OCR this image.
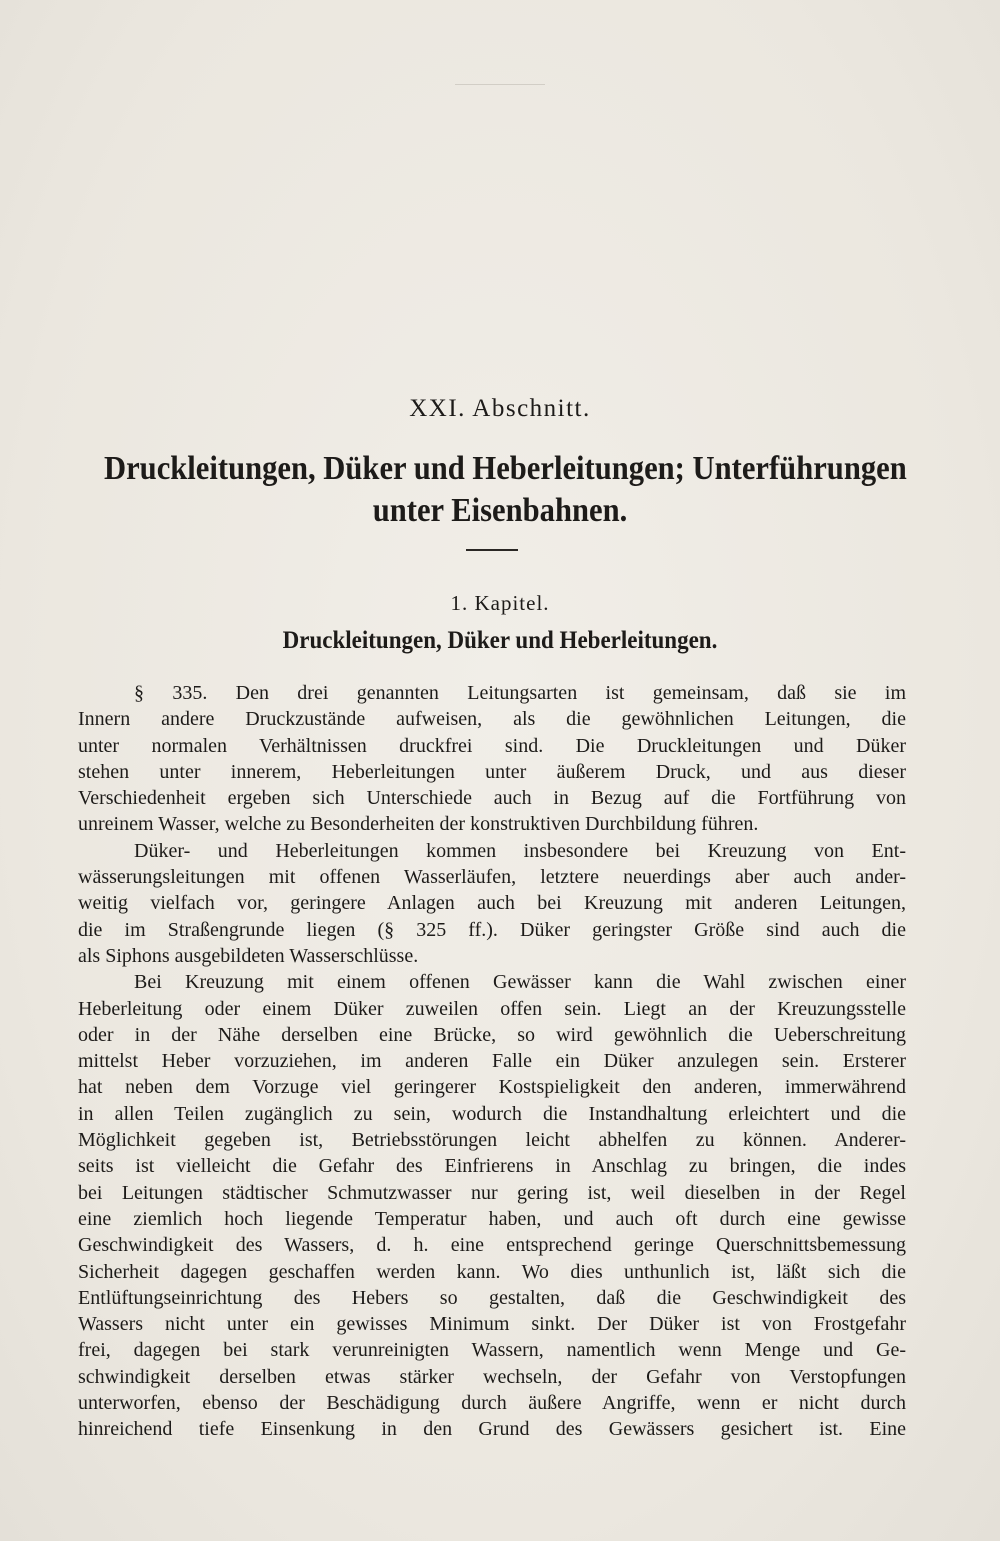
XXI. Abschnitt.
Druckleitungen, Düker und Heberleitungen; Unterführungen
unter Eisenbahnen.
1. Kapitel.
Druckleitungen, Düker und Heberleitungen.
§ 335. Den drei genannten Leitungsarten ist gemeinsam, daß sie im
Innern andere Druckzustände aufweisen, als die gewöhnlichen Leitungen, die
unter normalen Verhältnissen druckfrei sind. Die Druckleitungen und Düker
stehen unter innerem, Heberleitungen unter äußerem Druck, und aus dieser
Verschiedenheit ergeben sich Unterschiede auch in Bezug auf die Fortführung von
unreinem Wasser, welche zu Besonderheiten der konstruktiven Durchbildung führen.
Düker- und Heberleitungen kommen insbesondere bei Kreuzung von Ent-
wässerungsleitungen mit offenen Wasserläufen, letztere neuerdings aber auch ander-
weitig vielfach vor, geringere Anlagen auch bei Kreuzung mit anderen Leitungen,
die im Straßengrunde liegen (§ 325 ff.). Düker geringster Größe sind auch die
als Siphons ausgebildeten Wasserschlüsse.
Bei Kreuzung mit einem offenen Gewässer kann die Wahl zwischen einer
Heberleitung oder einem Düker zuweilen offen sein. Liegt an der Kreuzungsstelle
oder in der Nähe derselben eine Brücke, so wird gewöhnlich die Ueberschreitung
mittelst Heber vorzuziehen, im anderen Falle ein Düker anzulegen sein. Ersterer
hat neben dem Vorzuge viel geringerer Kostspieligkeit den anderen, immerwährend
in allen Teilen zugänglich zu sein, wodurch die Instandhaltung erleichtert und die
Möglichkeit gegeben ist, Betriebsstörungen leicht abhelfen zu können. Anderer-
seits ist vielleicht die Gefahr des Einfrierens in Anschlag zu bringen, die indes
bei Leitungen städtischer Schmutzwasser nur gering ist, weil dieselben in der Regel
eine ziemlich hoch liegende Temperatur haben, und auch oft durch eine gewisse
Geschwindigkeit des Wassers, d. h. eine entsprechend geringe Querschnittsbemessung
Sicherheit dagegen geschaffen werden kann. Wo dies unthunlich ist, läßt sich die
Entlüftungseinrichtung des Hebers so gestalten, daß die Geschwindigkeit des
Wassers nicht unter ein gewisses Minimum sinkt. Der Düker ist von Frostgefahr
frei, dagegen bei stark verunreinigten Wassern, namentlich wenn Menge und Ge-
schwindigkeit derselben etwas stärker wechseln, der Gefahr von Verstopfungen
unterworfen, ebenso der Beschädigung durch äußere Angriffe, wenn er nicht durch
hinreichend tiefe Einsenkung in den Grund des Gewässers gesichert ist. Eine
